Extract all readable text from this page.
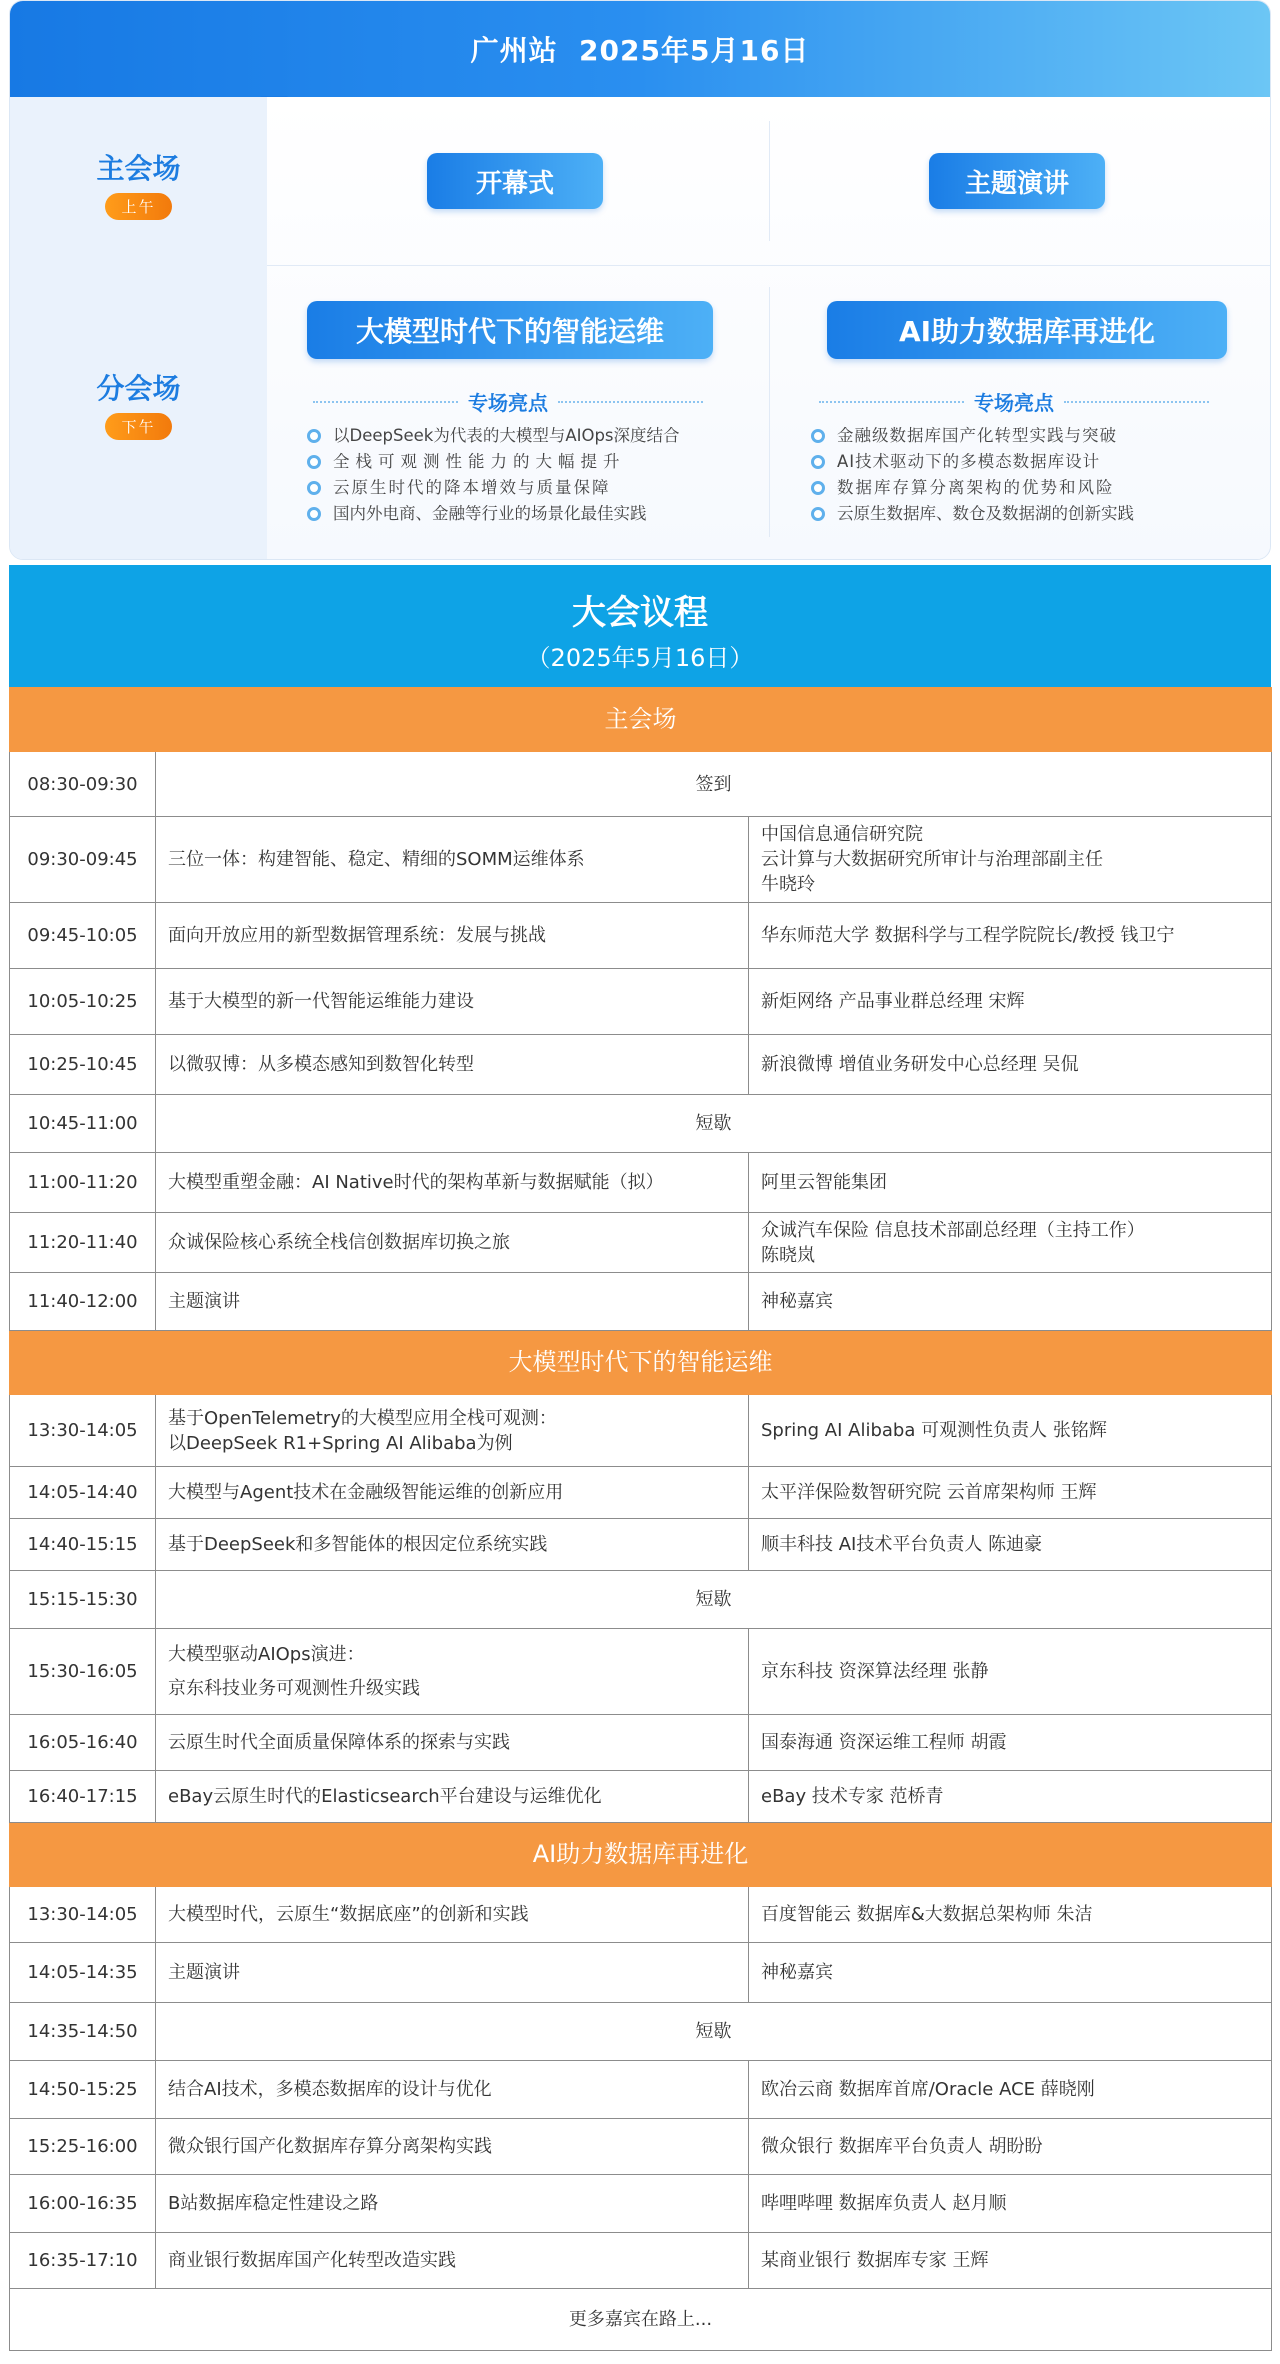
广州站  2025年5月16日
主会场
上午
分会场
下午
开幕式	主题演讲
大模型时代下的智能运维	AI助力数据库再进化
专场亮点	专场亮点
以DeepSeek为代表的大模型与AIOps深度结合
全栈可观测性能力的大幅提升
云原生时代的降本增效与质量保障
国内外电商、金融等行业的场景化最佳实践
金融级数据库国产化转型实践与突破
AI技术驱动下的多模态数据库设计
数据库存算分离架构的优势和风险
云原生数据库、数仓及数据湖的创新实践
大会议程
（2025年5月16日）
主会场		
08:30-09:30	签到	
09:30-09:45	三位一体：构建智能、稳定、精细的SOMM运维体系	中国信息通信研究院
云计算与大数据研究所审计与治理部副主任
牛晓玲
09:45-10:05	面向开放应用的新型数据管理系统：发展与挑战	华东师范大学 数据科学与工程学院院长/教授 钱卫宁
10:05-10:25	基于大模型的新一代智能运维能力建设	新炬网络 产品事业群总经理 宋辉
10:25-10:45	以微驭博：从多模态感知到数智化转型	新浪微博 增值业务研发中心总经理 吴侃
10:45-11:00	短歇	
11:00-11:20	大模型重塑金融：AI Native时代的架构革新与数据赋能（拟）	阿里云智能集团
11:20-11:40	众诚保险核心系统全栈信创数据库切换之旅	众诚汽车保险 信息技术部副总经理（主持工作）
陈晓岚
11:40-12:00	主题演讲	神秘嘉宾
大模型时代下的智能运维		
13:30-14:05	基于OpenTelemetry的大模型应用全栈可观测：
以DeepSeek R1+Spring AI Alibaba为例	Spring AI Alibaba 可观测性负责人 张铭辉
14:05-14:40	大模型与Agent技术在金融级智能运维的创新应用	太平洋保险数智研究院 云首席架构师 王辉
14:40-15:15	基于DeepSeek和多智能体的根因定位系统实践	顺丰科技 AI技术平台负责人 陈迪豪
15:15-15:30	短歇	
15:30-16:05	大模型驱动AIOps演进：
京东科技业务可观测性升级实践	京东科技 资深算法经理 张静
16:05-16:40	云原生时代全面质量保障体系的探索与实践	国泰海通 资深运维工程师 胡霞
16:40-17:15	eBay云原生时代的Elasticsearch平台建设与运维优化	eBay 技术专家 范桥青
AI助力数据库再进化		
13:30-14:05	大模型时代，云原生“数据底座”的创新和实践	百度智能云 数据库&大数据总架构师 朱洁
14:05-14:35	主题演讲	神秘嘉宾
14:35-14:50	短歇	
14:50-15:25	结合AI技术，多模态数据库的设计与优化	欧冶云商 数据库首席/Oracle ACE 薛晓刚
15:25-16:00	微众银行国产化数据库存算分离架构实践	微众银行 数据库平台负责人 胡盼盼
16:00-16:35	B站数据库稳定性建设之路	哔哩哔哩 数据库负责人 赵月顺
16:35-17:10	商业银行数据库国产化转型改造实践	某商业银行 数据库专家 王辉
更多嘉宾在路上...		
